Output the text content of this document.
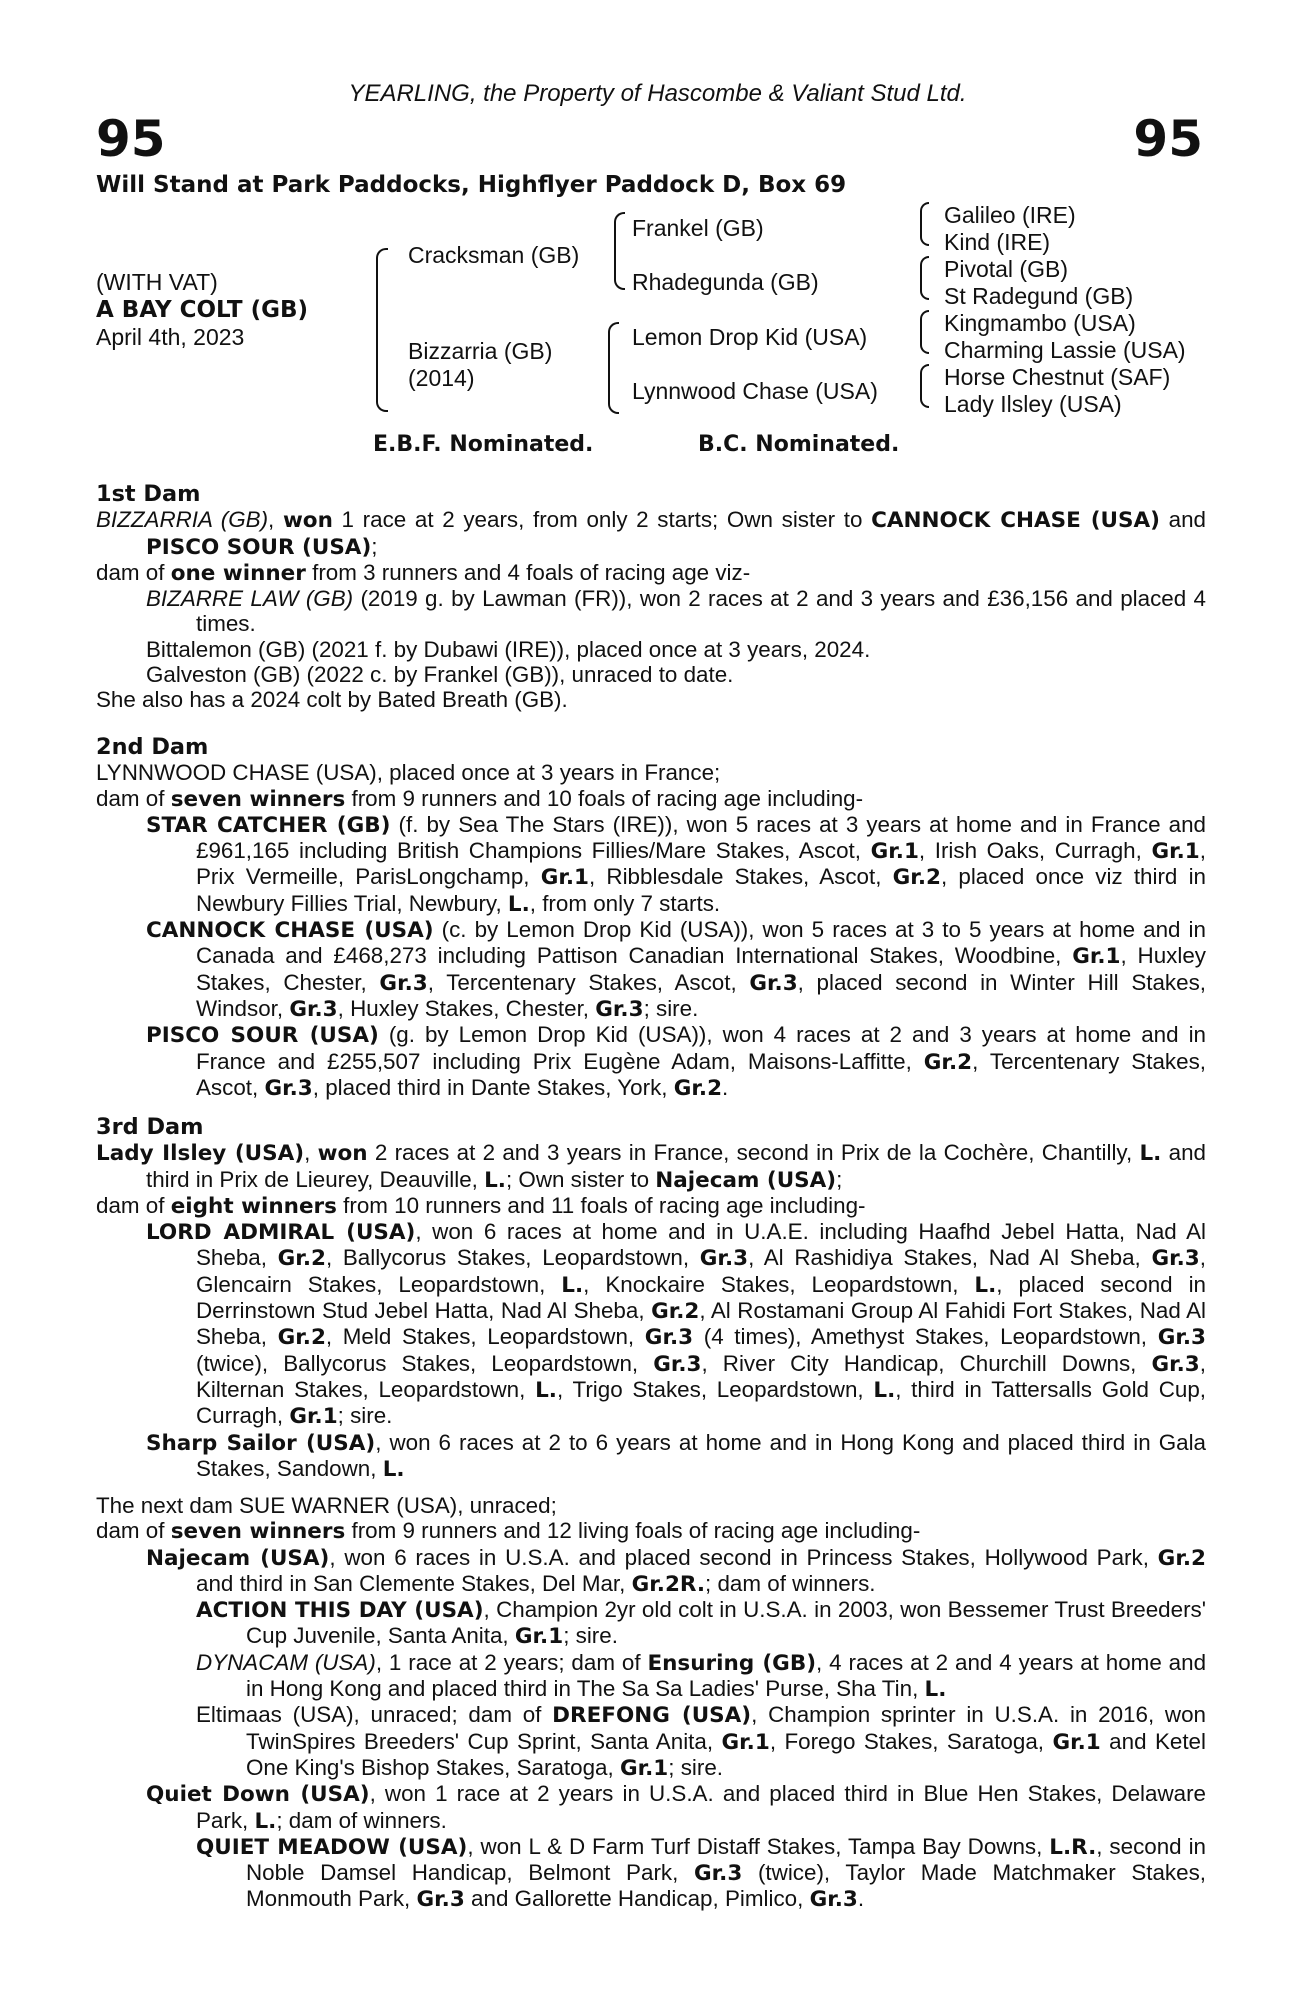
YEARLING, the Property of Hascombe & Valiant Stud Ltd.
95	95
Will Stand at Park Paddocks, Highflyer Paddock D, Box 69
(WITH VAT)
A BAY COLT (GB)
April 4th, 2023
Cracksman (GB)
Bizzarria (GB)
(2014)
Frankel (GB)
Rhadegunda (GB)
Lemon Drop Kid (USA)
Lynnwood Chase (USA)
Galileo (IRE)
Kind (IRE)
Pivotal (GB)
St Radegund (GB)
Kingmambo (USA)
Charming Lassie (USA)
Horse Chestnut (SAF)
Lady Ilsley (USA)
E.B.F. Nominated.	B.C. Nominated.

1st Dam

BIZZARRIA (GB), won 1 race at 2 years, from only 2 starts; Own sister to CANNOCK CHASE (USA) and PISCO SOUR (USA);

dam of one winner from 3 runners and 4 foals of racing age viz-

BIZARRE LAW (GB) (2019 g. by Lawman (FR)), won 2 races at 2 and 3 years and £36,156 and placed 4 times.

Bittalemon (GB) (2021 f. by Dubawi (IRE)), placed once at 3 years, 2024.

Galveston (GB) (2022 c. by Frankel (GB)), unraced to date.

She also has a 2024 colt by Bated Breath (GB).

2nd Dam

LYNNWOOD CHASE (USA), placed once at 3 years in France;

dam of seven winners from 9 runners and 10 foals of racing age including-

STAR CATCHER (GB) (f. by Sea The Stars (IRE)), won 5 races at 3 years at home and in France and £961,165 including British Champions Fillies/Mare Stakes, Ascot, Gr.1, Irish Oaks, Curragh, Gr.1, Prix Vermeille, ParisLongchamp, Gr.1, Ribblesdale Stakes, Ascot, Gr.2, placed once viz third in Newbury Fillies Trial, Newbury, L., from only 7 starts.

CANNOCK CHASE (USA) (c. by Lemon Drop Kid (USA)), won 5 races at 3 to 5 years at home and in Canada and £468,273 including Pattison Canadian International Stakes, Woodbine, Gr.1, Huxley Stakes, Chester, Gr.3, Tercentenary Stakes, Ascot, Gr.3, placed second in Winter Hill Stakes, Windsor, Gr.3, Huxley Stakes, Chester, Gr.3; sire.

PISCO SOUR (USA) (g. by Lemon Drop Kid (USA)), won 4 races at 2 and 3 years at home and in France and £255,507 including Prix Eugène Adam, Maisons-Laffitte, Gr.2, Tercentenary Stakes, Ascot, Gr.3, placed third in Dante Stakes, York, Gr.2.

3rd Dam

Lady Ilsley (USA), won 2 races at 2 and 3 years in France, second in Prix de la Cochère, Chantilly, L. and third in Prix de Lieurey, Deauville, L.; Own sister to Najecam (USA);

dam of eight winners from 10 runners and 11 foals of racing age including-

LORD ADMIRAL (USA), won 6 races at home and in U.A.E. including Haafhd Jebel Hatta, Nad Al Sheba, Gr.2, Ballycorus Stakes, Leopardstown, Gr.3, Al Rashidiya Stakes, Nad Al Sheba, Gr.3, Glencairn Stakes, Leopardstown, L., Knockaire Stakes, Leopardstown, L., placed second in Derrinstown Stud Jebel Hatta, Nad Al Sheba, Gr.2, Al Rostamani Group Al Fahidi Fort Stakes, Nad Al Sheba, Gr.2, Meld Stakes, Leopardstown, Gr.3 (4 times), Amethyst Stakes, Leopardstown, Gr.3 (twice), Ballycorus Stakes, Leopardstown, Gr.3, River City Handicap, Churchill Downs, Gr.3, Kilternan Stakes, Leopardstown, L., Trigo Stakes, Leopardstown, L., third in Tattersalls Gold Cup, Curragh, Gr.1; sire.

Sharp Sailor (USA), won 6 races at 2 to 6 years at home and in Hong Kong and placed third in Gala Stakes, Sandown, L.

The next dam SUE WARNER (USA), unraced;

dam of seven winners from 9 runners and 12 living foals of racing age including-

Najecam (USA), won 6 races in U.S.A. and placed second in Princess Stakes, Hollywood Park, Gr.2 and third in San Clemente Stakes, Del Mar, Gr.2R.; dam of winners.

ACTION THIS DAY (USA), Champion 2yr old colt in U.S.A. in 2003, won Bessemer Trust Breeders' Cup Juvenile, Santa Anita, Gr.1; sire.

DYNACAM (USA), 1 race at 2 years; dam of Ensuring (GB), 4 races at 2 and 4 years at home and in Hong Kong and placed third in The Sa Sa Ladies' Purse, Sha Tin, L.

Eltimaas (USA), unraced; dam of DREFONG (USA), Champion sprinter in U.S.A. in 2016, won TwinSpires Breeders' Cup Sprint, Santa Anita, Gr.1, Forego Stakes, Saratoga, Gr.1 and Ketel One King's Bishop Stakes, Saratoga, Gr.1; sire.

Quiet Down (USA), won 1 race at 2 years in U.S.A. and placed third in Blue Hen Stakes, Delaware Park, L.; dam of winners.

QUIET MEADOW (USA), won L & D Farm Turf Distaff Stakes, Tampa Bay Downs, L.R., second in Noble Damsel Handicap, Belmont Park, Gr.3 (twice), Taylor Made Matchmaker Stakes, Monmouth Park, Gr.3 and Gallorette Handicap, Pimlico, Gr.3.
